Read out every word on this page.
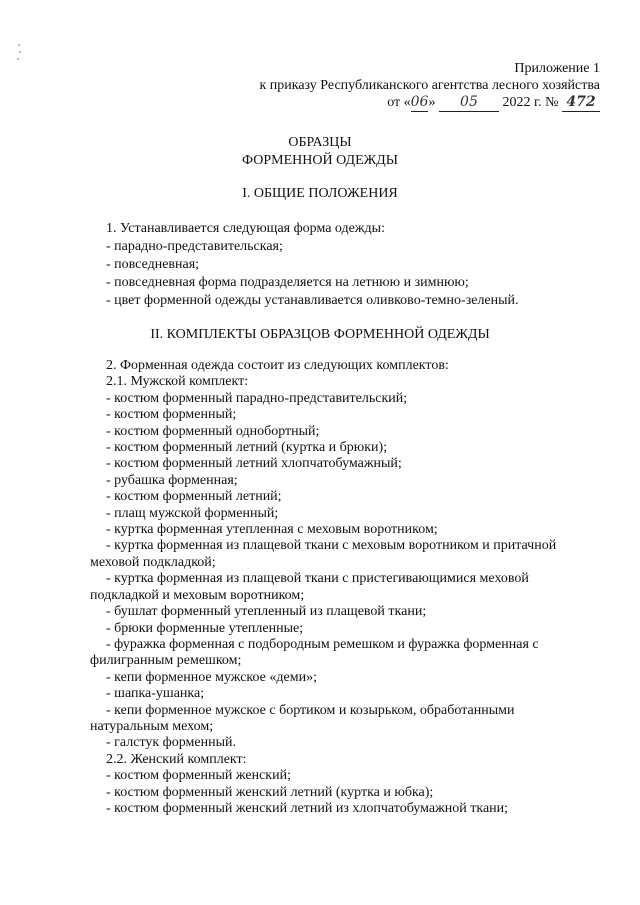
Приложение 1
к приказу Республиканского агентства лесного хозяйства
от «06» 05 2022 г. № 472
ОБРАЗЦЫ
ФОРМЕННОЙ ОДЕЖДЫ
I. ОБЩИЕ ПОЛОЖЕНИЯ
1. Устанавливается следующая форма одежды:
- парадно-представительская;
- повседневная;
- повседневная форма подразделяется на летнюю и зимнюю;
- цвет форменной одежды устанавливается оливково-темно-зеленый.
II. КОМПЛЕКТЫ ОБРАЗЦОВ ФОРМЕННОЙ ОДЕЖДЫ
2. Форменная одежда состоит из следующих комплектов:
2.1. Мужской комплект:
- костюм форменный парадно-представительский;
- костюм форменный;
- костюм форменный однобортный;
- костюм форменный летний (куртка и брюки);
- костюм форменный летний хлопчатобумажный;
- рубашка форменная;
- костюм форменный летний;
- плащ мужской форменный;
- куртка форменная утепленная с меховым воротником;
- куртка форменная из плащевой ткани с меховым воротником и притачной
меховой подкладкой;
- куртка форменная из плащевой ткани с пристегивающимися меховой
подкладкой и меховым воротником;
- бушлат форменный утепленный из плащевой ткани;
- брюки форменные утепленные;
- фуражка форменная с подбородным ремешком и фуражка форменная с
филигранным ремешком;
- кепи форменное мужское «деми»;
- шапка-ушанка;
- кепи форменное мужское с бортиком и козырьком, обработанными
натуральным мехом;
- галстук форменный.
2.2. Женский комплект:
- костюм форменный женский;
- костюм форменный женский летний (куртка и юбка);
- костюм форменный женский летний из хлопчатобумажной ткани;
